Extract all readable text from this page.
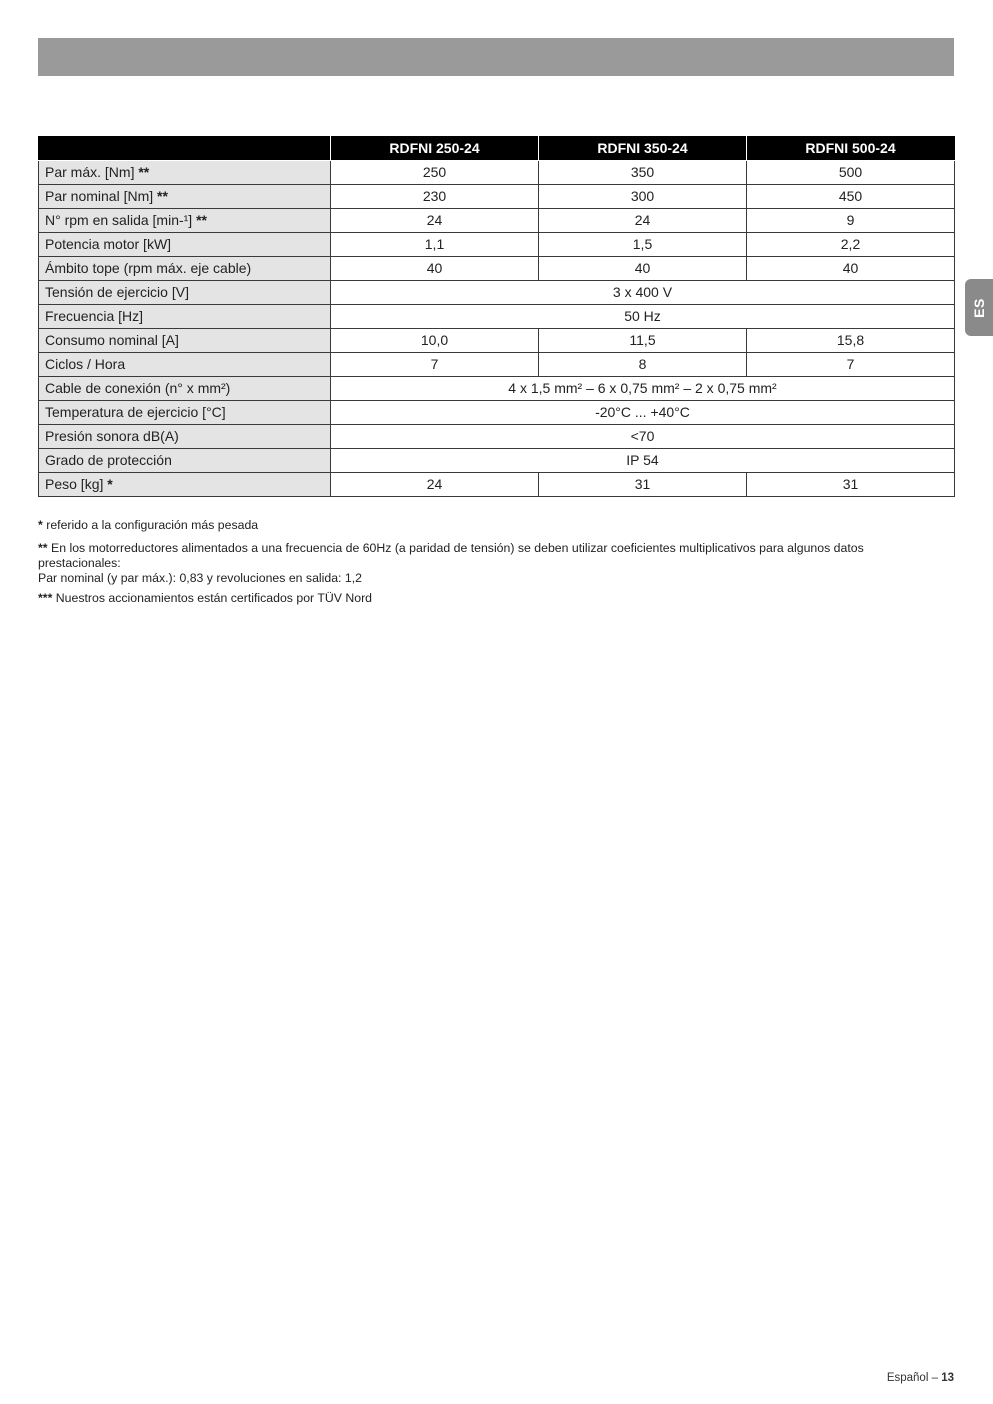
ES
	RDFNI 250-24	RDFNI 350-24	RDFNI 500-24
Par máx. [Nm] **	250	350	500
Par nominal [Nm] **	230	300	450
N° rpm en salida [min-¹] **	24	24	9
Potencia motor [kW]	1,1	1,5	2,2
Ámbito tope (rpm máx. eje cable)	40	40	40
Tensión de ejercicio [V]	3 x 400 V		
Frecuencia [Hz]	50 Hz		
Consumo nominal [A]	10,0	11,5	15,8
Ciclos / Hora	7	8	7
Cable de conexión (n° x mm²)	4 x 1,5 mm² – 6 x 0,75 mm² – 2 x 0,75 mm²		
Temperatura de ejercicio [°C]	-20°C ... +40°C		
Presión sonora dB(A)	<70		
Grado de protección	IP 54		
Peso [kg] *	24	31	31

* referido a la configuración más pesada

** En los motorreductores alimentados a una frecuencia de 60Hz (a paridad de tensión) se deben utilizar coeficientes multiplicativos para algunos datos prestacionales:

Par nominal (y par máx.): 0,83 y revoluciones en salida: 1,2

*** Nuestros accionamientos están certificados por TÜV Nord

Español – 13
